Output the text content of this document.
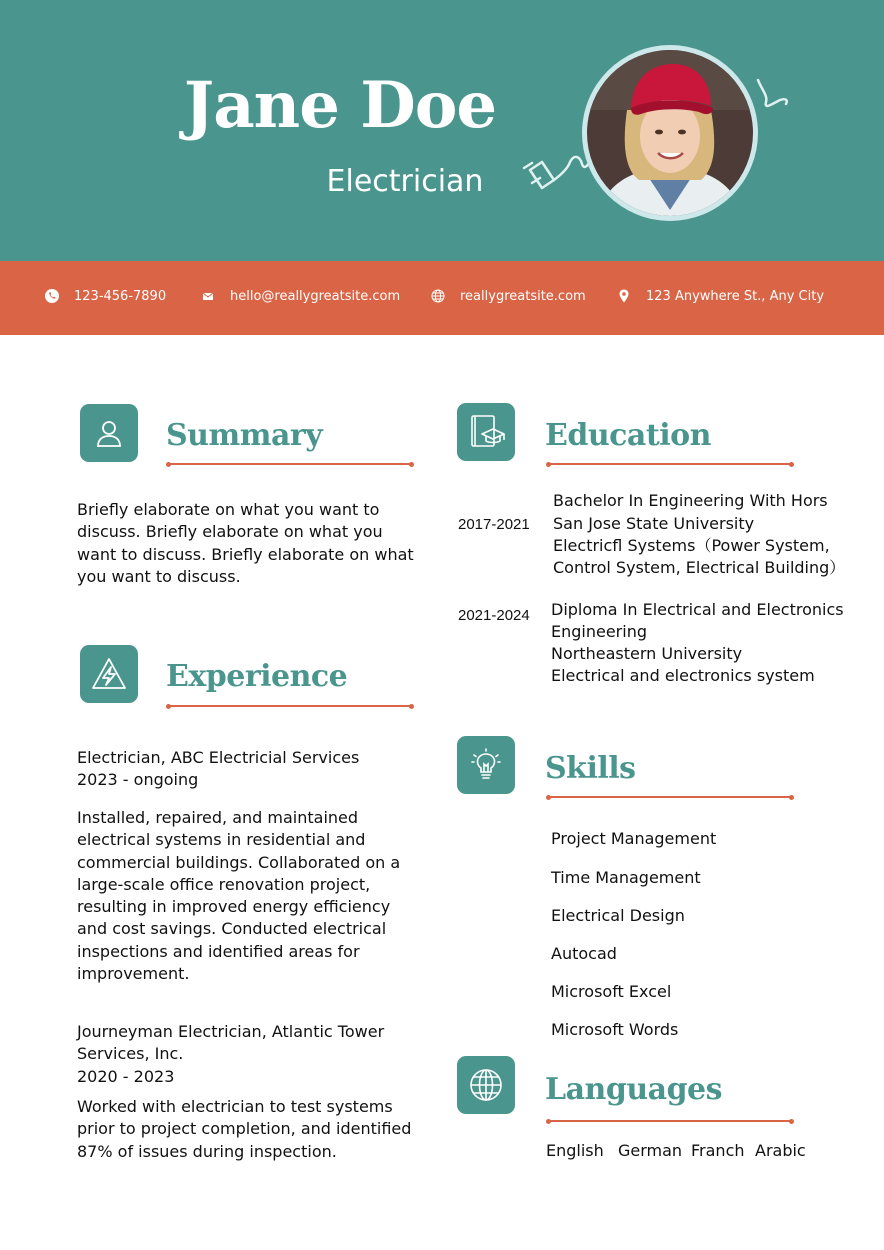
Jane Doe
Electrician
123-456-7890	hello@reallygreatsite.com	reallygreatsite.com	123 Anywhere St., Any City
Summary
Briefly elaborate on what you want to discuss. Briefly elaborate on what you want to discuss. Briefly elaborate on what you want to discuss.
Experience
Electrician, ABC Electricial Services
2023 - ongoing
Installed, repaired, and maintained electrical systems in residential and commercial buildings. Collaborated on a large-scale office renovation project, resulting in improved energy efficiency and cost savings. Conducted electrical inspections and identified areas for improvement.
Journeyman Electrician, Atlantic Tower Services, Inc.
2020 - 2023
Worked with electrician to test systems prior to project completion, and identified 87% of issues during inspection.
Education
2017-2021
Bachelor In Engineering With Hors
San Jose State University
Electricfl Systems（Power System,
Control System, Electrical Building）
2021-2024 Diploma In Electrical and Electronics
Engineering
Northeastern University
Electrical and electronics system
Skills
Project Management
Time Management
Electrical Design
Autocad
Microsoft Excel
Microsoft Words
Languages
English German Franch Arabic
